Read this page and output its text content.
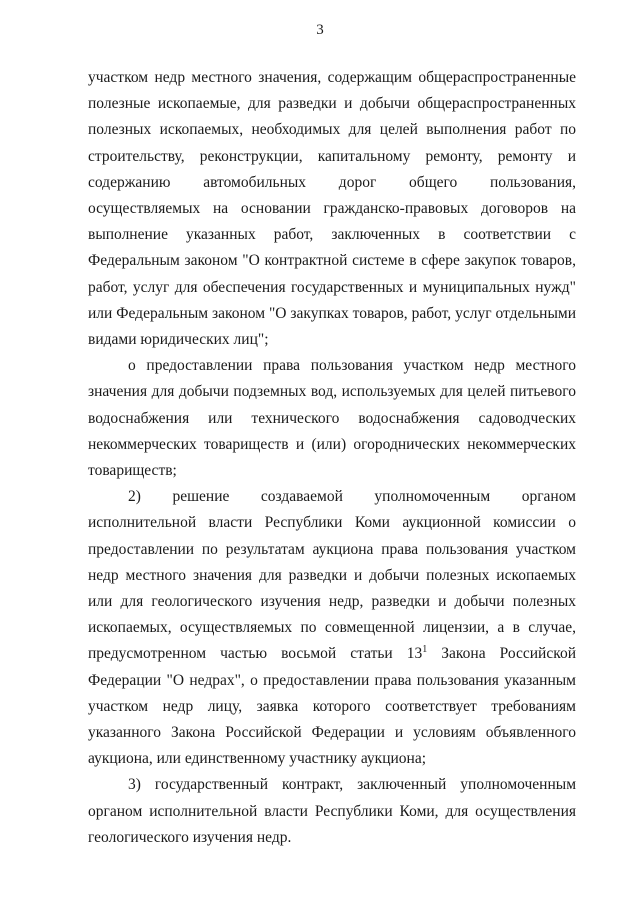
3

участком недр местного значения, содержащим общераспространенные полезные ископаемые, для разведки и добычи общераспространенных полезных ископаемых, необходимых для целей выполнения работ по строительству, реконструкции, капитальному ремонту, ремонту и содержанию автомобильных дорог общего пользования, осуществляемых на основании гражданско-правовых договоров на выполнение указанных работ, заключенных в соответствии с Федеральным законом "О контрактной системе в сфере закупок товаров, работ, услуг для обеспечения государственных и муниципальных нужд" или Федеральным законом "О закупках товаров, работ, услуг отдельными видами юридических лиц";

о предоставлении права пользования участком недр местного значения для добычи подземных вод, используемых для целей питьевого водоснабжения или технического водоснабжения садоводческих некоммерческих товариществ и (или) огороднических некоммерческих товариществ;

2) решение создаваемой уполномоченным органом исполнительной власти Республики Коми аукционной комиссии о предоставлении по результатам аукциона права пользования участком недр местного значения для разведки и добычи полезных ископаемых или для геологического изучения недр, разведки и добычи полезных ископаемых, осуществляемых по совмещенной лицензии, а в случае, предусмотренном частью восьмой статьи $13^1$ Закона Российской Федерации "О недрах", о предоставлении права пользования указанным участком недр лицу, заявка которого соответствует требованиям указанного Закона Российской Федерации и условиям объявленного аукциона, или единственному участнику аукциона;

3) государственный контракт, заключенный уполномоченным органом исполнительной власти Республики Коми, для осуществления геологического изучения недр.
